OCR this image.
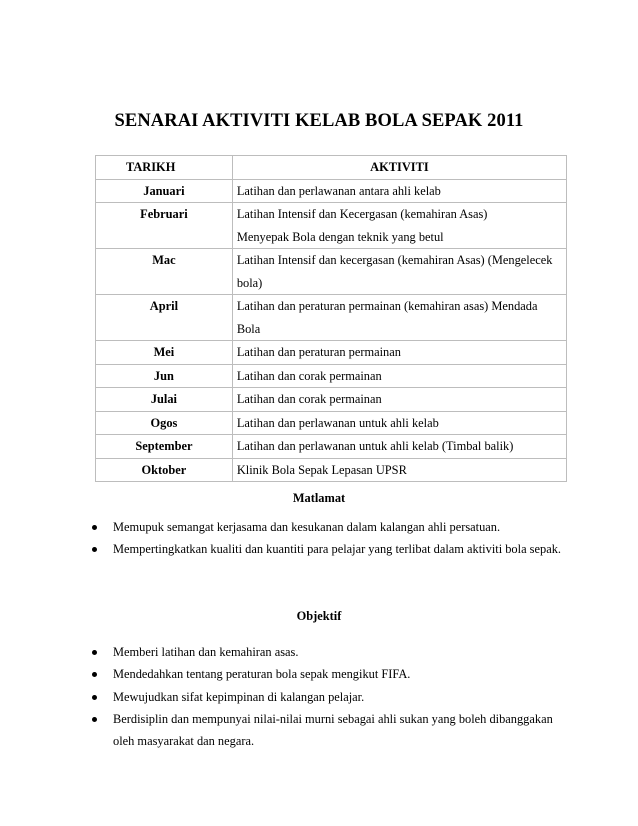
SENARAI AKTIVITI KELAB BOLA SEPAK 2011
TARIKH	AKTIVITI
Januari	Latihan dan perlawanan antara ahli kelab
Februari	Latihan Intensif dan Kecergasan (kemahiran Asas)
Menyepak Bola dengan teknik yang betul
Mac	Latihan Intensif dan kecergasan (kemahiran Asas) (Mengelecek
bola)
April	Latihan dan peraturan permainan (kemahiran asas) Mendada
Bola
Mei	Latihan dan peraturan permainan
Jun	Latihan dan corak permainan
Julai	Latihan dan corak permainan
Ogos	Latihan dan perlawanan untuk ahli kelab
September	Latihan dan perlawanan untuk ahli kelab (Timbal balik)
Oktober	Klinik Bola Sepak Lepasan UPSR
Matlamat
Memupuk semangat kerjasama dan kesukanan dalam kalangan ahli persatuan.
Mempertingkatkan kualiti dan kuantiti para pelajar yang terlibat dalam aktiviti bola sepak.
Objektif
Memberi latihan dan kemahiran asas.
Mendedahkan tentang peraturan bola sepak mengikut FIFA.
Mewujudkan sifat kepimpinan di kalangan pelajar.
Berdisiplin dan mempunyai nilai-nilai murni sebagai ahli sukan yang boleh dibanggakan oleh masyarakat dan negara.
